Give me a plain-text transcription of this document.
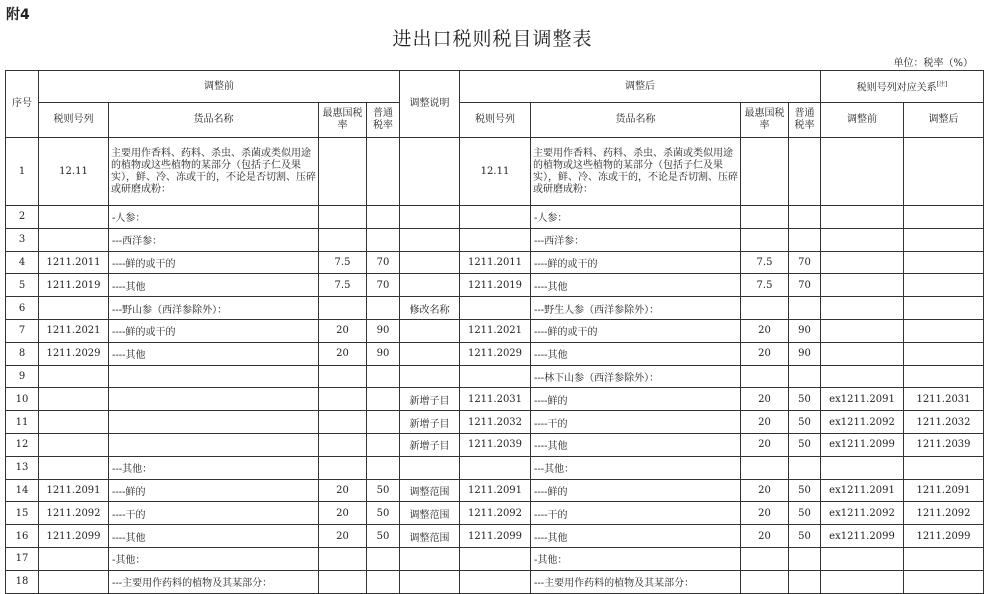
附4
进出口税则税目调整表
单位：税率（%）
序号	调整前				调整说明	调整后				税则号列对应关系[注]
	税则号列	货品名称	最惠国税率	普通税率		税则号列	货品名称	最惠国税率	普通税率	调整前	调整后
1	12.11	主要用作香料、药料、杀虫、杀菌或类似用途的植物或这些植物的某部分（包括子仁及果实），鲜、冷、冻或干的，不论是否切割、压碎或研磨成粉：				12.11	主要用作香料、药料、杀虫、杀菌或类似用途的植物或这些植物的某部分（包括子仁及果实），鲜、冷、冻或干的，不论是否切割、压碎或研磨成粉：				
2		-人参：					-人参：				
3		---西洋参：					---西洋参：				
4	1211.2011	----鲜的或干的	7.5	70		1211.2011	----鲜的或干的	7.5	70		
5	1211.2019	----其他	7.5	70		1211.2019	----其他	7.5	70		
6		---野山参（西洋参除外）：			修改名称		---野生人参（西洋参除外）：				
7	1211.2021	----鲜的或干的	20	90		1211.2021	----鲜的或干的	20	90		
8	1211.2029	----其他	20	90		1211.2029	----其他	20	90		
9							---林下山参（西洋参除外）：				
10					新增子目	1211.2031	----鲜的	20	50	ex1211.2091	1211.2031
11					新增子目	1211.2032	----干的	20	50	ex1211.2092	1211.2032
12					新增子目	1211.2039	----其他	20	50	ex1211.2099	1211.2039
13		---其他：					---其他：				
14	1211.2091	----鲜的	20	50	调整范围	1211.2091	----鲜的	20	50	ex1211.2091	1211.2091
15	1211.2092	----干的	20	50	调整范围	1211.2092	----干的	20	50	ex1211.2092	1211.2092
16	1211.2099	----其他	20	50	调整范围	1211.2099	----其他	20	50	ex1211.2099	1211.2099
17		-其他：					-其他：				
18		---主要用作药料的植物及其某部分：					---主要用作药料的植物及其某部分：				
